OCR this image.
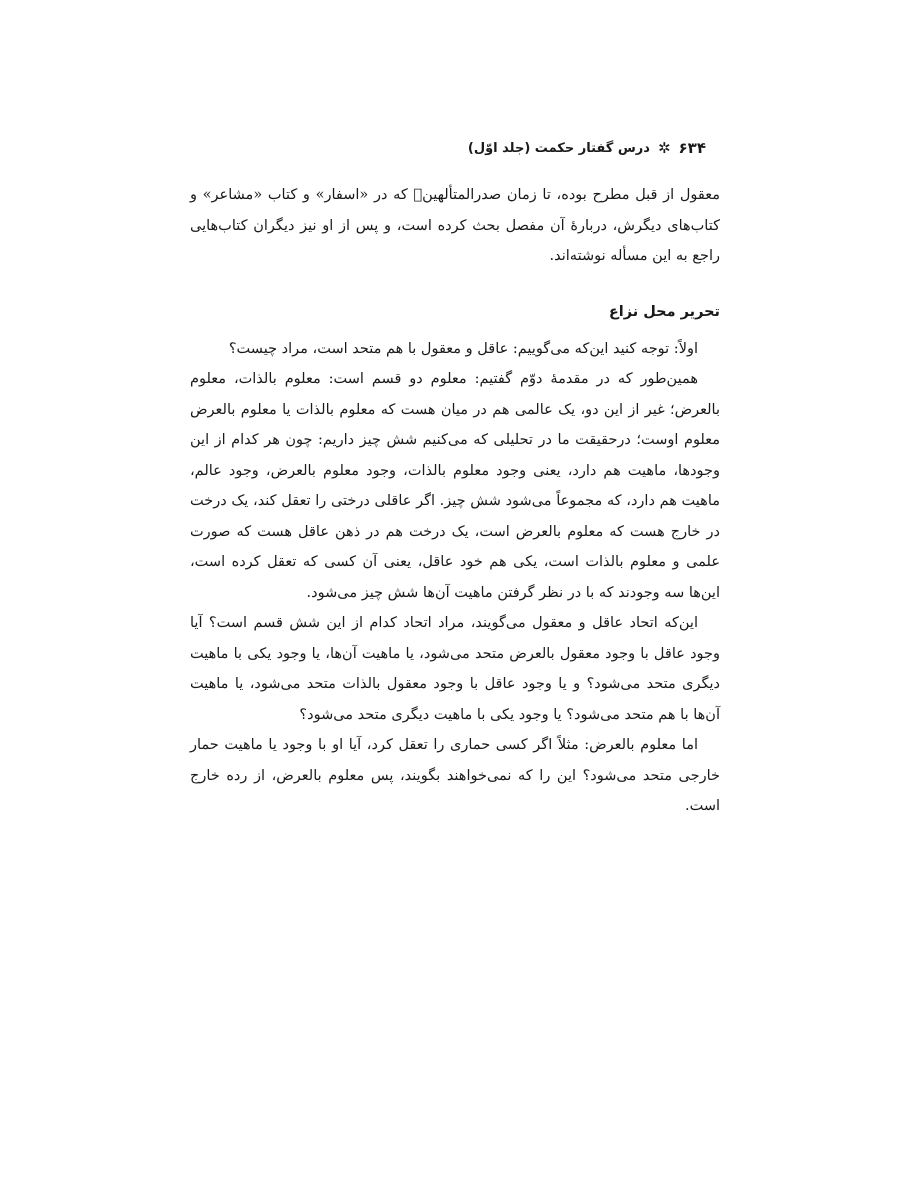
۶۳۴
✲
درس گفتار حکمت (جلد اوّل)

معقول از قبل مطرح بوده، تا زمان صدرالمتألهین﷫ که در «اسفار» و کتاب «مشاعر» و کتاب‌های دیگرش، دربارهٔ آن مفصل بحث کرده است، و پس از او نیز دیگران کتاب‌هایی راجع به این مسأله نوشته‌اند.

تحریر محل نزاع

اولاً: توجه کنید این‌که می‌گوییم: عاقل و معقول با هم متحد است، مراد چیست؟

همین‌طور که در مقدمهٔ دوّم گفتیم: معلوم دو قسم است: معلوم بالذات، معلوم بالعرض؛ غیر از این دو، یک عالمی هم در میان هست که معلوم بالذات یا معلوم بالعرض معلوم اوست؛ درحقیقت ما در تحلیلی که می‌کنیم شش چیز داریم: چون هر کدام از این وجودها، ماهیت هم دارد، یعنی وجود معلوم بالذات، وجود معلوم بالعرض، وجود عالم، ماهیت هم دارد، که مجموعاً می‌شود شش چیز. اگر عاقلی درختی را تعقل کند، یک درخت در خارج هست که معلوم بالعرض است، یک درخت هم در ذهن عاقل هست که صورت علمی و معلوم بالذات است، یکی هم خود عاقل، یعنی آن کسی که تعقل کرده است، این‌ها سه وجودند که با در نظر گرفتن ماهیت آن‌ها شش چیز می‌شود.

این‌که اتحاد عاقل و معقول می‌گویند، مراد اتحاد کدام از این شش قسم است؟ آیا وجود عاقل با وجود معقول بالعرض متحد می‌شود، یا ماهیت آن‌ها، یا وجود یکی با ماهیت دیگری متحد می‌شود؟ و یا وجود عاقل با وجود معقول بالذات متحد می‌شود، یا ماهیت آن‌ها با هم متحد می‌شود؟ یا وجود یکی با ماهیت دیگری متحد می‌شود؟

اما معلوم بالعرض: مثلاً اگر کسی حماری را تعقل کرد، آیا او با وجود یا ماهیت حمار خارجی متحد می‌شود؟ این را که نمی‌خواهند بگویند، پس معلوم بالعرض، از رده خارج است.
